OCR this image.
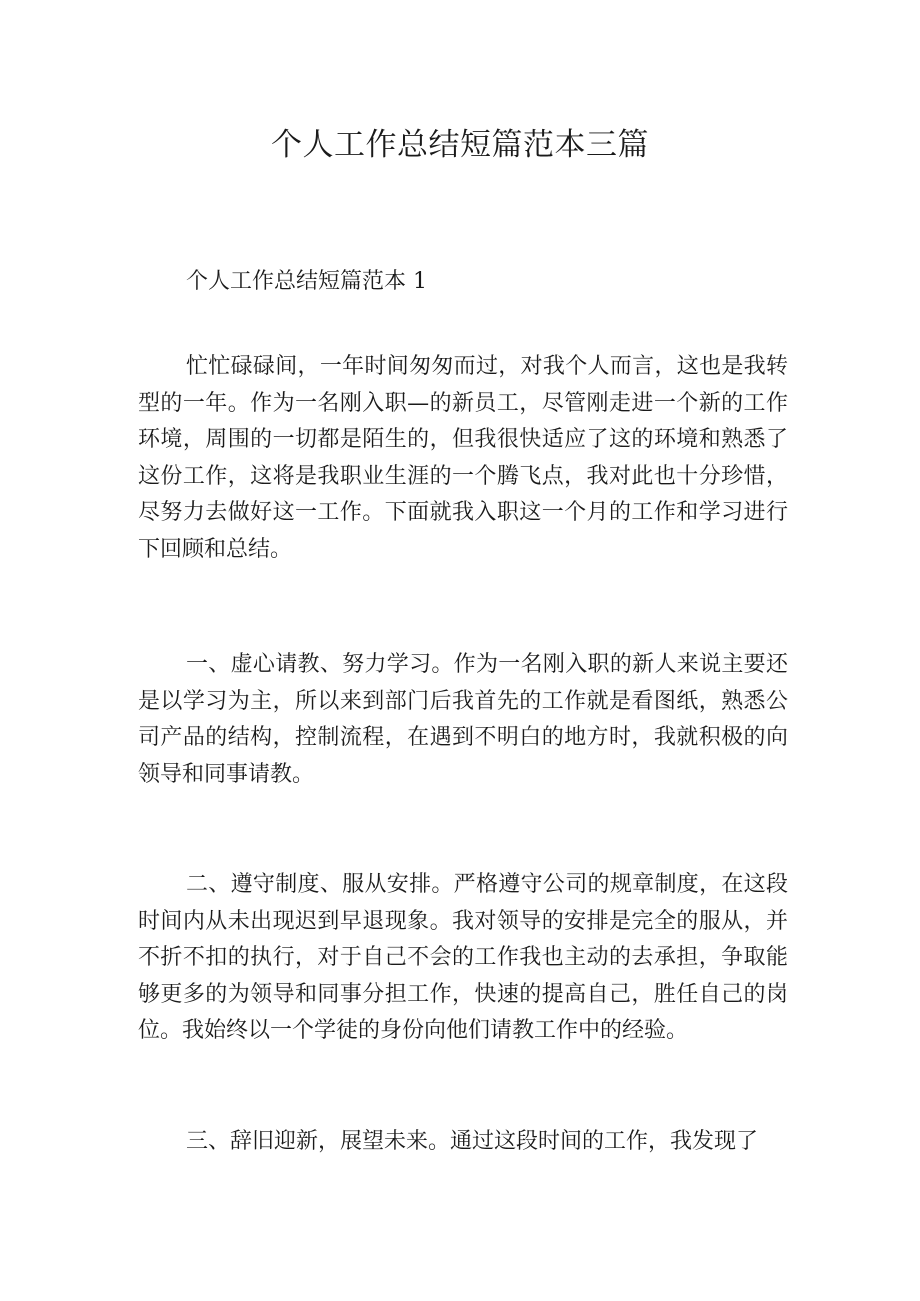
个人工作总结短篇范本三篇
个人工作总结短篇范本 1

忙忙碌碌间，一年时间匆匆而过，对我个人而言，这也是我转型的一年。作为一名刚入职—的新员工，尽管刚走进一个新的工作环境，周围的一切都是陌生的，但我很快适应了这的环境和熟悉了这份工作，这将是我职业生涯的一个腾飞点，我对此也十分珍惜，尽努力去做好这一工作。下面就我入职这一个月的工作和学习进行下回顾和总结。

一、虚心请教、努力学习。作为一名刚入职的新人来说主要还是以学习为主，所以来到部门后我首先的工作就是看图纸，熟悉公司产品的结构，控制流程，在遇到不明白的地方时，我就积极的向领导和同事请教。

二、遵守制度、服从安排。严格遵守公司的规章制度，在这段时间内从未出现迟到早退现象。我对领导的安排是完全的服从，并不折不扣的执行，对于自己不会的工作我也主动的去承担，争取能够更多的为领导和同事分担工作，快速的提高自己，胜任自己的岗位。我始终以一个学徒的身份向他们请教工作中的经验。

三、辞旧迎新，展望未来。通过这段时间的工作，我发现了
